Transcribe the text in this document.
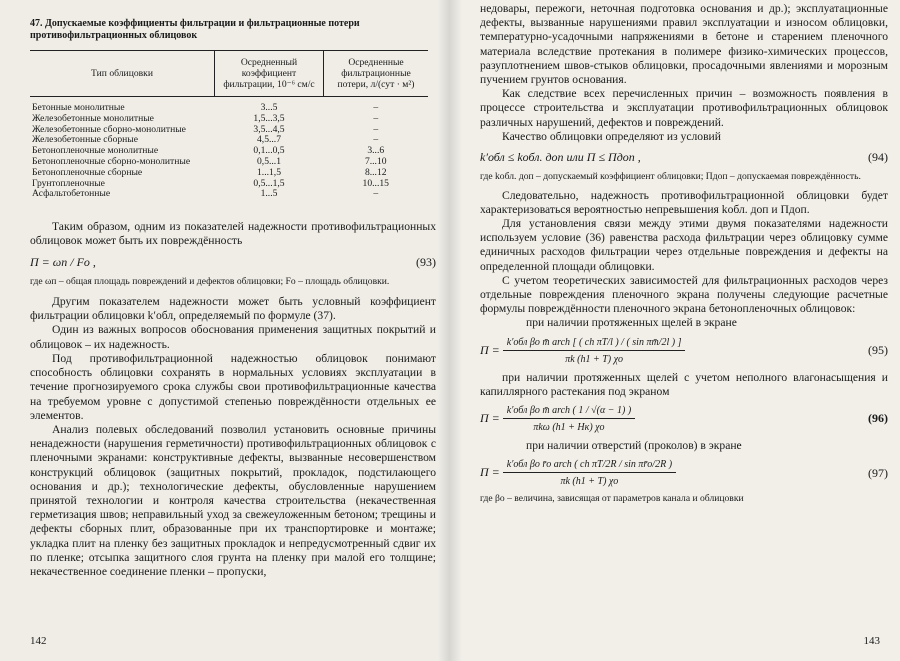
47. Допускаемые коэффициенты фильтрации и фильтрационные потери противофильтрационных облицовок

Тип облицовки	Осредненный коэффициент фильтрации, 10⁻⁶ см/с	Осредненные фильтрационные потери, л/(сут · м²)
Бетонные монолитные	3...5	–
Железобетонные монолитные	1,5...3,5	–
Железобетонные сборно-монолитные	3,5...4,5	–
Железобетонные сборные	4,5...7	–
Бетонопленочные монолитные	0,1...0,5	3...6
Бетонопленочные сборно-монолитные	0,5...1	7...10
Бетонопленочные сборные	1...1,5	8...12
Грунтопленочные	0,5...1,5	10...15
Асфальтобетонные	1...5	–

Таким образом, одним из показателей надежности противофильтрационных облицовок может быть их повреждённость

П = ωп / Fо ,	(93)

где ωп – общая площадь повреждений и дефектов облицовки; Fо – площадь облицовки.

Другим показателем надежности может быть условный коэффициент фильтрации облицовки k′обл, определяемый по формуле (37).

Один из важных вопросов обоснования применения защитных покрытий и облицовок – их надежность.

Под противофильтрационной надежностью облицовок понимают способность облицовки сохранять в нормальных условиях эксплуатации в течение прогнозируемого срока службы свои противофильтрационные качества на требуемом уровне с допустимой степенью повреждённости отдельных ее элементов.

Анализ полевых обследований позволил установить основные причины ненадежности (нарушения герметичности) противофильтрационных облицовок с пленочными экранами: конструктивные дефекты, вызванные несовершенством конструкций облицовок (защитных покрытий, прокладок, подстилающего основания и др.); технологические дефекты, обусловленные нарушением принятой технологии и контроля качества строительства (некачественная герметизация швов; неправильный уход за свежеуложенным бетоном; трещины и дефекты сборных плит, образованные при их транспортировке и монтаже; укладка плит на пленку без защитных прокладок и непредусмотренный сдвиг их по пленке; отсыпка защитного слоя грунта на пленку при малой его толщине; некачественное соединение пленки – пропуски,

142

недовары, пережоги, неточная подготовка основания и др.); эксплуатационные дефекты, вызванные нарушениями правил эксплуатации и износом облицовки, температурно-усадочными напряжениями в бетоне и старением пленочного материала вследствие протекания в полимере физико-химических процессов, разуплотнением швов-стыков облицовки, просадочными явлениями и морозным пучением грунтов основания.

Как следствие всех перечисленных причин – возможность появления в процессе строительства и эксплуатации противофильтрационных облицовок различных нарушений, дефектов и повреждений.

Качество облицовки определяют из условий

k′обл ≤ kобл. доп или П ≤ Пдоп ,	(94)

где kобл. доп – допускаемый коэффициент облицовки; Пдоп – допускаемая повреждённость.

Следовательно, надежность противофильтрационной облицовки будет характеризоваться вероятностью непревышения kобл. доп и Пдоп.

Для установления связи между этими двумя показателями надежности используем условие (36) равенства расхода фильтрации через облицовку сумме единичных расходов фильтрации через отдельные повреждения и дефекты на определенной площади облицовки.

С учетом теоретических зависимостей для фильтрационных расходов через отдельные повреждения пленочного экрана получены следующие расчетные формулы повреждённости пленочного экрана бетонопленочных облицовок:

при наличии протяженных щелей в экране

$П = \frac{\text{k′обл βо m̄ arch [ ( ch πT/l ) / ( sin πm̄/2l ) ]}}{\pi k (h1 + T) \chi о}$	(95)

при наличии протяженных щелей с учетом неполного влагонасыщения и капиллярного растекания под экраном

$П = \frac{\text{k′обл βо m̄ arch ( 1 / √(α − 1) )}}{\text{πkω (h1 + Hк) χо}}$	(96)

при наличии отверстий (проколов) в экране

$П = \frac{\text{k′обл βо r̄о arch ( ch πT/2R / sin πr̄о/2R )}}{\pi k (h1 + T) \chi о}$	(97)

где βо – величина, зависящая от параметров канала и облицовки

143
